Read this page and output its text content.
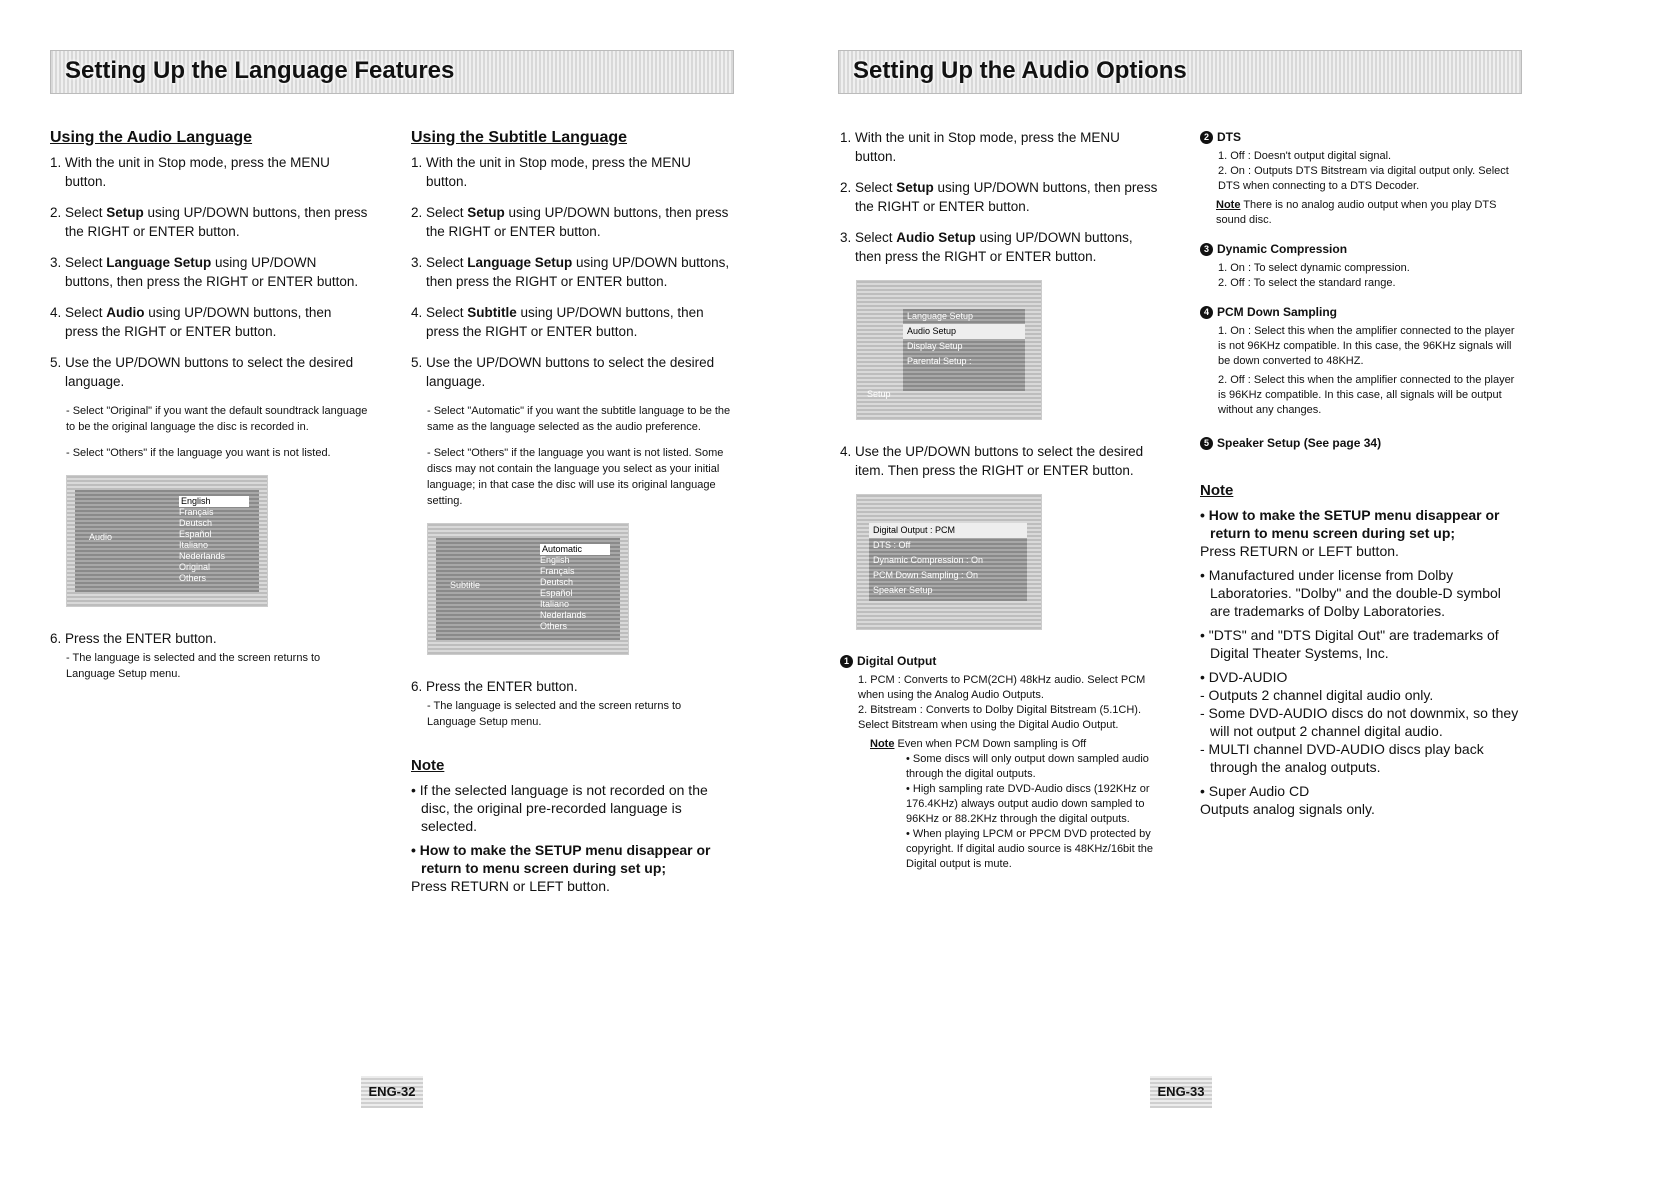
Setting Up the Language Features
Using the Audio Language
1. With the unit in Stop mode, press the MENU button.
2. Select Setup using UP/DOWN buttons, then press the RIGHT or ENTER button.
3. Select Language Setup using UP/DOWN buttons, then press the RIGHT or ENTER button.
4. Select Audio using UP/DOWN buttons, then press the RIGHT or ENTER button.
5. Use the UP/DOWN buttons to select the desired language.
- Select "Original" if you want the default soundtrack language to be the original language the disc is recorded in.
- Select "Others" if the language you want is not listed.
Audio
English
Français
Deutsch
Español
Italiano
Nederlands
Original
Others
6. Press the ENTER button.
- The language is selected and the screen returns to Language Setup menu.
Using the Subtitle Language
1. With the unit in Stop mode, press the MENU button.
2. Select Setup using UP/DOWN buttons, then press the RIGHT or ENTER button.
3. Select Language Setup using UP/DOWN buttons, then press the RIGHT or ENTER button.
4. Select Subtitle using UP/DOWN buttons, then press the RIGHT or ENTER button.
5. Use the UP/DOWN buttons to select the desired language.
- Select "Automatic" if you want the subtitle language to be the same as the language selected as the audio preference.
- Select "Others" if the language you want is not listed. Some discs may not contain the language you select as your initial language; in that case the disc will use its original language setting.
Subtitle
Automatic
English
Français
Deutsch
Español
Italiano
Nederlands
Others
6. Press the ENTER button.
- The language is selected and the screen returns to Language Setup menu.
Note
• If the selected language is not recorded on the disc, the original pre-recorded language is selected.
• How to make the SETUP menu disappear or return to menu screen during set up;
Press RETURN or LEFT button.
ENG-32
Setting Up the Audio Options
1. With the unit in Stop mode, press the MENU button.
2. Select Setup using UP/DOWN buttons, then press the RIGHT or ENTER button.
3. Select Audio Setup using UP/DOWN buttons, then press the RIGHT or ENTER button.
Language Setup
Audio Setup
Display Setup
Parental Setup :
Setup
4. Use the UP/DOWN buttons to select the desired item. Then press the RIGHT or ENTER button.
Digital Output : PCM
DTS : Off
Dynamic Compression : On
PCM Down Sampling : On
Speaker Setup
1 Digital Output
1. PCM : Converts to PCM(2CH) 48kHz audio. Select PCM when using the Analog Audio Outputs.
2. Bitstream : Converts to Dolby Digital Bitstream (5.1CH). Select Bitstream when using the Digital Audio Output.
Note Even when PCM Down sampling is Off
• Some discs will only output down sampled audio through the digital outputs.
• High sampling rate DVD-Audio discs (192KHz or 176.4KHz) always output audio down sampled to 96KHz or 88.2KHz through the digital outputs.
• When playing LPCM or PPCM DVD protected by copyright. If digital audio source is 48KHz/16bit the Digital output is mute.
2 DTS
1. Off : Doesn't output digital signal.
2. On : Outputs DTS Bitstream via digital output only. Select DTS when connecting to a DTS Decoder.
Note There is no analog audio output when you play DTS sound disc.
3 Dynamic Compression
1. On : To select dynamic compression.
2. Off : To select the standard range.
4 PCM Down Sampling
1. On : Select this when the amplifier connected to the player is not 96KHz compatible. In this case, the 96KHz signals will be down converted to 48KHZ.
2. Off : Select this when the amplifier connected to the player is 96KHz compatible. In this case, all signals will be output without any changes.
5 Speaker Setup (See page 34)
Note
• How to make the SETUP menu disappear or return to menu screen during set up;
Press RETURN or LEFT button.
• Manufactured under license from Dolby Laboratories. "Dolby" and the double-D symbol are trademarks of Dolby Laboratories.
• "DTS" and "DTS Digital Out" are trademarks of Digital Theater Systems, Inc.
• DVD-AUDIO
- Outputs 2 channel digital audio only.
- Some DVD-AUDIO discs do not downmix, so they will not output 2 channel digital audio.
- MULTI channel DVD-AUDIO discs play back through the analog outputs.
• Super Audio CD
Outputs analog signals only.
ENG-33
